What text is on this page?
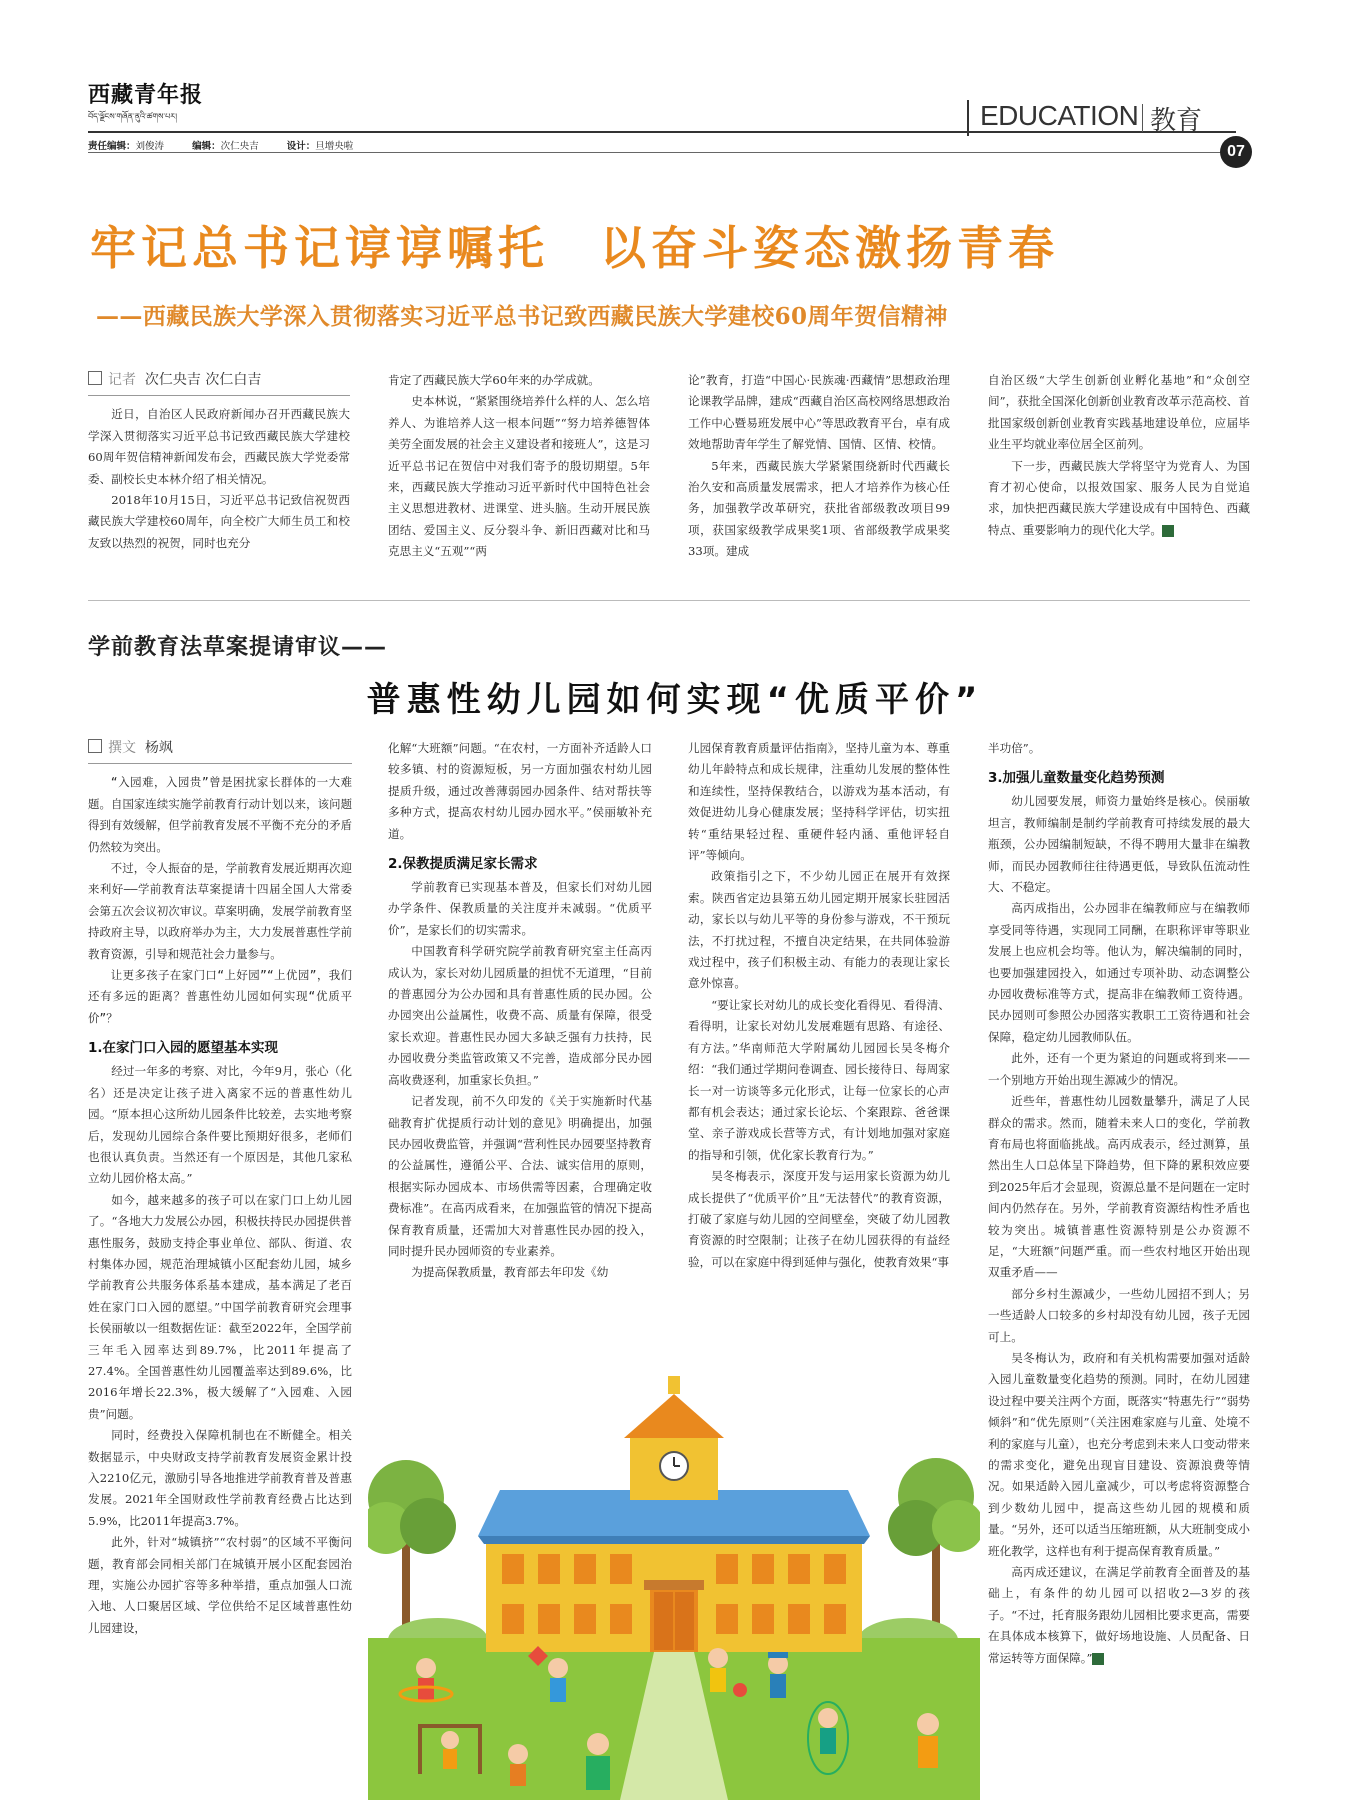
西藏青年报
བོད་ལྗོངས་གཞོན་ནུའི་ཚགས་པར།
责任编辑：刘俊涛	编辑：次仁央吉	设计：旦增央啦
EDUCATION 教育
07
牢记总书记谆谆嘱托　以奋斗姿态激扬青春
——西藏民族大学深入贯彻落实习近平总书记致西藏民族大学建校60周年贺信精神
记者 次仁央吉 次仁白吉

近日，自治区人民政府新闻办召开西藏民族大学深入贯彻落实习近平总书记致西藏民族大学建校60周年贺信精神新闻发布会，西藏民族大学党委常委、副校长史本林介绍了相关情况。

2018年10月15日，习近平总书记致信祝贺西藏民族大学建校60周年，向全校广大师生员工和校友致以热烈的祝贺，同时也充分

肯定了西藏民族大学60年来的办学成就。

史本林说，“紧紧围绕培养什么样的人、怎么培养人、为谁培养人这一根本问题”“努力培养德智体美劳全面发展的社会主义建设者和接班人”，这是习近平总书记在贺信中对我们寄予的殷切期望。5年来，西藏民族大学推动习近平新时代中国特色社会主义思想进教材、进课堂、进头脑。生动开展民族团结、爱国主义、反分裂斗争、新旧西藏对比和马克思主义“五观”“两

论”教育，打造“中国心·民族魂·西藏情”思想政治理论课教学品牌，建成“西藏自治区高校网络思想政治工作中心暨易班发展中心”等思政教育平台，卓有成效地帮助青年学生了解党情、国情、区情、校情。

5年来，西藏民族大学紧紧围绕新时代西藏长治久安和高质量发展需求，把人才培养作为核心任务，加强教学改革研究，获批省部级教改项目99项，获国家级教学成果奖1项、省部级教学成果奖33项。建成

自治区级“大学生创新创业孵化基地”和“众创空间”，获批全国深化创新创业教育改革示范高校、首批国家级创新创业教育实践基地建设单位，应届毕业生平均就业率位居全区前列。

下一步，西藏民族大学将坚守为党育人、为国育才初心使命，以报效国家、服务人民为自觉追求，加快把西藏民族大学建设成有中国特色、西藏特点、重要影响力的现代化大学。	青

学前教育法草案提请审议——
普惠性幼儿园如何实现“优质平价”
撰文 杨飒

“入园难，入园贵”曾是困扰家长群体的一大难题。自国家连续实施学前教育行动计划以来，该问题得到有效缓解，但学前教育发展不平衡不充分的矛盾仍然较为突出。

不过，令人振奋的是，学前教育发展近期再次迎来利好——学前教育法草案提请十四届全国人大常委会第五次会议初次审议。草案明确，发展学前教育坚持政府主导，以政府举办为主，大力发展普惠性学前教育资源，引导和规范社会力量参与。

让更多孩子在家门口“上好园”“上优园”，我们还有多远的距离？普惠性幼儿园如何实现“优质平价”？

1.在家门口入园的愿望基本实现

经过一年多的考察、对比，今年9月，张心（化名）还是决定让孩子进入离家不远的普惠性幼儿园。“原本担心这所幼儿园条件比较差，去实地考察后，发现幼儿园综合条件要比预期好很多，老师们也很认真负责。当然还有一个原因是，其他几家私立幼儿园价格太高。”

如今，越来越多的孩子可以在家门口上幼儿园了。“各地大力发展公办园，积极扶持民办园提供普惠性服务，鼓励支持企事业单位、部队、街道、农村集体办园，规范治理城镇小区配套幼儿园，城乡学前教育公共服务体系基本建成，基本满足了老百姓在家门口入园的愿望。”中国学前教育研究会理事长侯丽敏以一组数据佐证：截至2022年，全国学前三年毛入园率达到89.7%，比2011年提高了27.4%。全国普惠性幼儿园覆盖率达到89.6%，比2016年增长22.3%，极大缓解了“入园难、入园贵”问题。

同时，经费投入保障机制也在不断健全。相关数据显示，中央财政支持学前教育发展资金累计投入2210亿元，激励引导各地推进学前教育普及普惠发展。2021年全国财政性学前教育经费占比达到5.9%，比2011年提高3.7%。

此外，针对“城镇挤”“农村弱”的区域不平衡问题，教育部会同相关部门在城镇开展小区配套园治理，实施公办园扩容等多种举措，重点加强人口流入地、人口聚居区域、学位供给不足区域普惠性幼儿园建设，

化解“大班额”问题。“在农村，一方面补齐适龄人口较多镇、村的资源短板，另一方面加强农村幼儿园提质升级，通过改善薄弱园办园条件、结对帮扶等多种方式，提高农村幼儿园办园水平。”侯丽敏补充道。

2.保教提质满足家长需求

学前教育已实现基本普及，但家长们对幼儿园办学条件、保教质量的关注度并未减弱。“优质平价”，是家长们的切实需求。

中国教育科学研究院学前教育研究室主任高丙成认为，家长对幼儿园质量的担忧不无道理，“目前的普惠园分为公办园和具有普惠性质的民办园。公办园突出公益属性，收费不高、质量有保障，很受家长欢迎。普惠性民办园大多缺乏强有力扶持，民办园收费分类监管政策又不完善，造成部分民办园高收费逐利，加重家长负担。”

记者发现，前不久印发的《关于实施新时代基础教育扩优提质行动计划的意见》明确提出，加强民办园收费监管，并强调“营利性民办园要坚持教育的公益属性，遵循公平、合法、诚实信用的原则，根据实际办园成本、市场供需等因素，合理确定收费标准”。在高丙成看来，在加强监管的情况下提高保育教育质量，还需加大对普惠性民办园的投入，同时提升民办园师资的专业素养。

为提高保教质量，教育部去年印发《幼

儿园保育教育质量评估指南》，坚持儿童为本、尊重幼儿年龄特点和成长规律，注重幼儿发展的整体性和连续性，坚持保教结合，以游戏为基本活动，有效促进幼儿身心健康发展；坚持科学评估，切实扭转“重结果轻过程、重硬件轻内涵、重他评轻自评”等倾向。

政策指引之下，不少幼儿园正在展开有效探索。陕西省定边县第五幼儿园定期开展家长驻园活动，家长以与幼儿平等的身份参与游戏，不干预玩法，不打扰过程，不擅自决定结果，在共同体验游戏过程中，孩子们积极主动、有能力的表现让家长意外惊喜。

“要让家长对幼儿的成长变化看得见、看得清、看得明，让家长对幼儿发展难题有思路、有途径、有方法。”华南师范大学附属幼儿园园长吴冬梅介绍：“我们通过学期问卷调查、园长接待日、每周家长一对一访谈等多元化形式，让每一位家长的心声都有机会表达；通过家长论坛、个案跟踪、爸爸课堂、亲子游戏成长营等方式，有计划地加强对家庭的指导和引领，优化家长教育行为。”

吴冬梅表示，深度开发与运用家长资源为幼儿成长提供了“优质平价”且“无法替代”的教育资源，打破了家庭与幼儿园的空间壁垒，突破了幼儿园教育资源的时空限制；让孩子在幼儿园获得的有益经验，可以在家庭中得到延伸与强化，使教育效果“事

半功倍”。

3.加强儿童数量变化趋势预测

幼儿园要发展，师资力量始终是核心。侯丽敏坦言，教师编制是制约学前教育可持续发展的最大瓶颈，公办园编制短缺，不得不聘用大量非在编教师，而民办园教师往往待遇更低，导致队伍流动性大、不稳定。

高丙成指出，公办园非在编教师应与在编教师享受同等待遇，实现同工同酬，在职称评审等职业发展上也应机会均等。他认为，解决编制的同时，也要加强建园投入，如通过专项补助、动态调整公办园收费标准等方式，提高非在编教师工资待遇。民办园则可参照公办园落实教职工工资待遇和社会保障，稳定幼儿园教师队伍。

此外，还有一个更为紧迫的问题或将到来——一个别地方开始出现生源减少的情况。

近些年，普惠性幼儿园数量攀升，满足了人民群众的需求。然而，随着未来人口的变化，学前教育布局也将面临挑战。高丙成表示，经过测算，虽然出生人口总体呈下降趋势，但下降的累积效应要到2025年后才会显现，资源总量不是问题在一定时间内仍然存在。另外，学前教育资源结构性矛盾也较为突出。城镇普惠性资源特别是公办资源不足，“大班额”问题严重。而一些农村地区开始出现双重矛盾——

部分乡村生源减少，一些幼儿园招不到人；另一些适龄人口较多的乡村却没有幼儿园，孩子无园可上。

吴冬梅认为，政府和有关机构需要加强对适龄入园儿童数量变化趋势的预测。同时，在幼儿园建设过程中要关注两个方面，既落实“特惠先行”“弱势倾斜”和“优先原则”（关注困难家庭与儿童、处境不利的家庭与儿童），也充分考虑到未来人口变动带来的需求变化，避免出现盲目建设、资源浪费等情况。如果适龄入园儿童减少，可以考虑将资源整合到少数幼儿园中，提高这些幼儿园的规模和质量。“另外，还可以适当压缩班额，从大班制变成小班化教学，这样也有利于提高保育教育质量。”

高丙成还建议，在满足学前教育全面普及的基础上，有条件的幼儿园可以招收2—3岁的孩子。“不过，托育服务跟幼儿园相比要求更高，需要在具体成本核算下，做好场地设施、人员配备、日常运转等方面保障。”	青
